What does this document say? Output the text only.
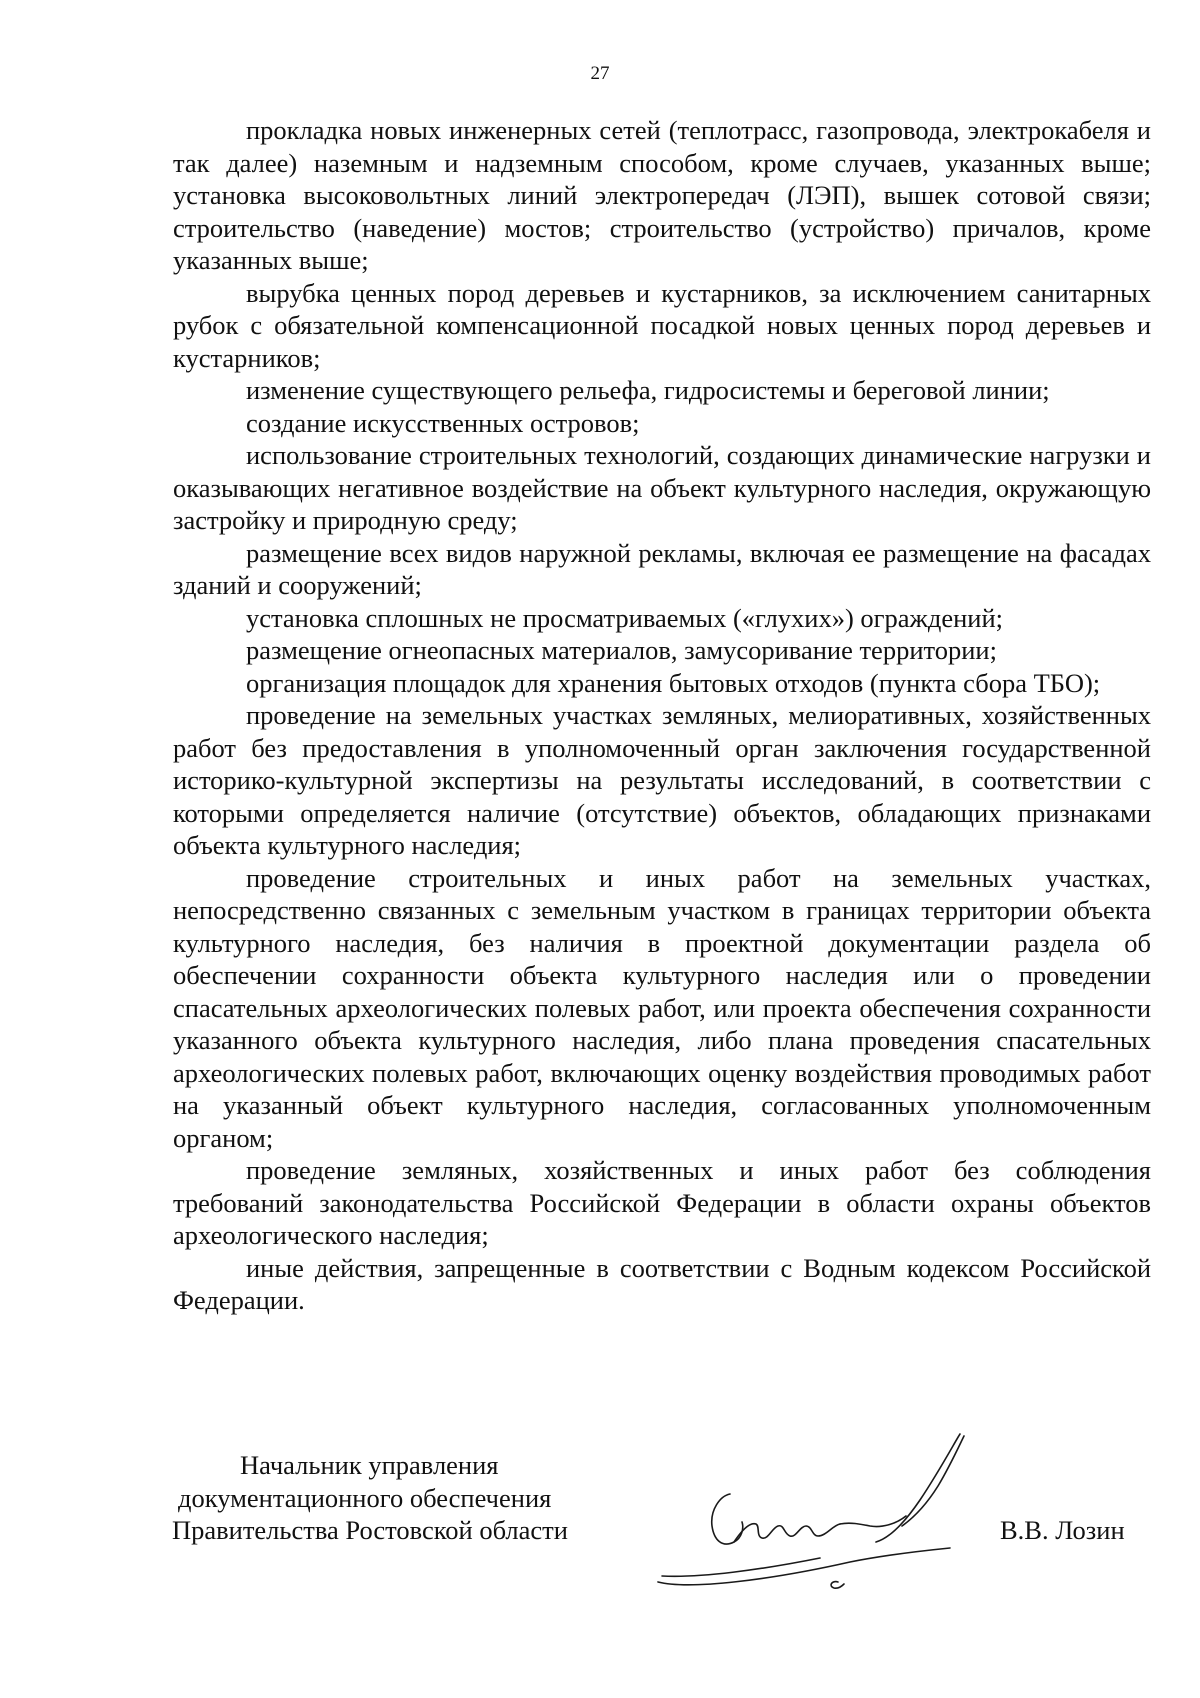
27

прокладка новых инженерных сетей (теплотрасс, газопровода, электрокабеля и так далее) наземным и надземным способом, кроме случаев, указанных выше; установка высоковольтных линий электропередач (ЛЭП), вышек сотовой связи; строительство (наведение) мостов; строительство (устройство) причалов, кроме указанных выше;

вырубка ценных пород деревьев и кустарников, за исключением санитарных рубок с обязательной компенсационной посадкой новых ценных пород деревьев и кустарников;

изменение существующего рельефа, гидросистемы и береговой линии;

создание искусственных островов;

использование строительных технологий, создающих динамические нагрузки и оказывающих негативное воздействие на объект культурного наследия, окружающую застройку и природную среду;

размещение всех видов наружной рекламы, включая ее размещение на фасадах зданий и сооружений;

установка сплошных не просматриваемых («глухих») ограждений;

размещение огнеопасных материалов, замусоривание территории;

организация площадок для хранения бытовых отходов (пункта сбора ТБО);

проведение на земельных участках земляных, мелиоративных, хозяйственных работ без предоставления в уполномоченный орган заключения государственной историко-культурной экспертизы на результаты исследований, в соответствии с которыми определяется наличие (отсутствие) объектов, обладающих признаками объекта культурного наследия;

проведение строительных и иных работ на земельных участках, непосредственно связанных с земельным участком в границах территории объекта культурного наследия, без наличия в проектной документации раздела об обеспечении сохранности объекта культурного наследия или о проведении спасательных археологических полевых работ, или проекта обеспечения сохранности указанного объекта культурного наследия, либо плана проведения спасательных археологических полевых работ, включающих оценку воздействия проводимых работ на указанный объект культурного наследия, согласованных уполномоченным органом;

проведение земляных, хозяйственных и иных работ без соблюдения требований законодательства Российской Федерации в области охраны объектов археологического наследия;

иные действия, запрещенные в соответствии с Водным кодексом Российской Федерации.

Начальник управления
документационного обеспечения
Правительства Ростовской области	В.В. Лозин
